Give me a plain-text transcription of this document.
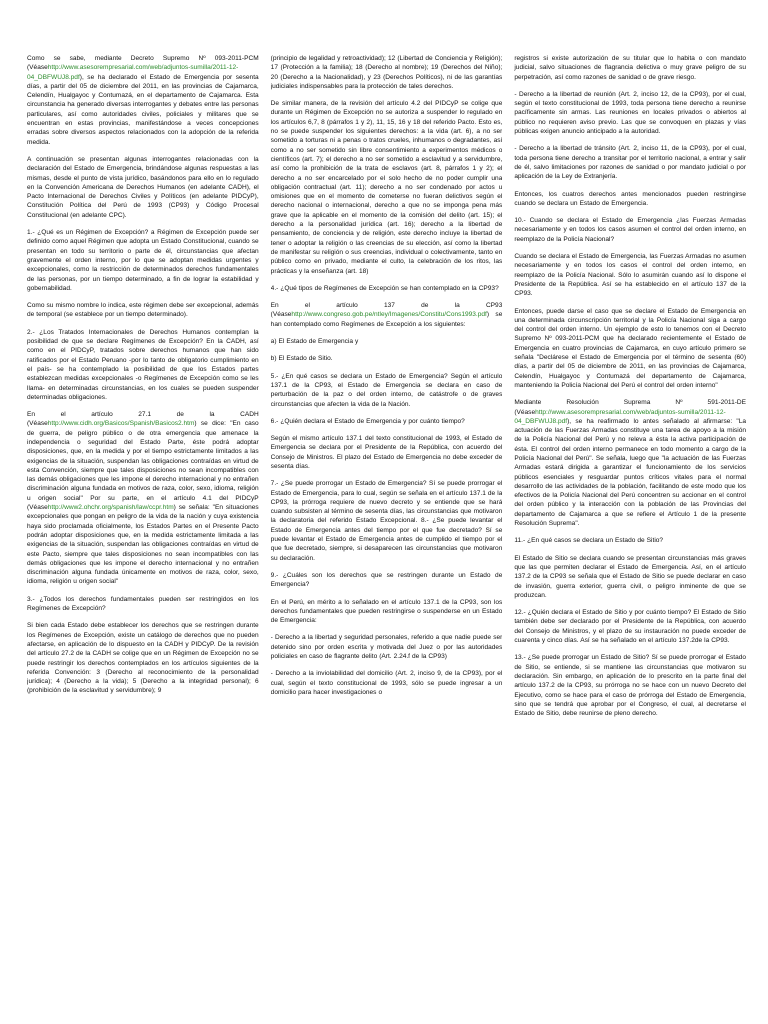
Como se sabe, mediante Decreto Supremo Nº 093-2011-PCM (Véasehttp://www.asesorempresarial.com/web/adjuntos-sumilla/2011-12-04_DBFWUJ8.pdf), se ha declarado el Estado de Emergencia por sesenta días, a partir del 05 de diciembre del 2011, en las provincias de Cajamarca, Celendín, Hualgayoc y Contumazá, en el departamento de Cajamarca. Esta circunstancia ha generado diversas interrogantes y debates entre las personas particulares, así como autoridades civiles, policiales y militares que se encuentran en estas provincias, manifestándose a veces concepciones erradas sobre diversos aspectos relacionados con la adopción de la referida medida.

A continuación se presentan algunas interrogantes relacionadas con la declaración del Estado de Emergencia, brindándose algunas respuestas a las mismas, desde el punto de vista jurídico, basándonos para ello en lo regulado en la Convención Americana de Derechos Humanos (en adelante CADH), el Pacto Internacional de Derechos Civiles y Políticos (en adelante PIDCyP), Constitución Política del Perú de 1993 (CP93) y Código Procesal Constitucional (en adelante CPC).

1.- ¿Qué es un Régimen de Excepción? a Régimen de Excepción puede ser definido como aquel Régimen que adopta un Estado Constitucional, cuando se presentan en todo su territorio o parte de él, circunstancias que afectan gravemente el orden interno, por lo que se adoptan medidas urgentes y excepcionales, como la restricción de determinados derechos fundamentales de las personas, por un tiempo determinado, a fin de lograr la estabilidad y gobernabilidad.

Como su mismo nombre lo indica, este régimen debe ser excepcional, además de temporal (se establece por un tiempo determinado).

2.- ¿Los Tratados Internacionales de Derechos Humanos contemplan la posibilidad de que se declare Regímenes de Excepción? En la CADH, así como en el PIDCyP, tratados sobre derechos humanos que han sido ratificados por el Estado Peruano -por lo tanto de obligatorio cumplimiento en el país- se ha contemplado la posibilidad de que los Estados partes establezcan medidas excepcionales -o Regímenes de Excepción como se les llama- en determinadas circunstancias, en los cuales se pueden suspender determinadas obligaciones.

En el artículo 27.1 de la CADH (Véasehttp://www.cidh.org/Basicos/Spanish/Basicos2.htm) se dice: "En caso de guerra, de peligro público o de otra emergencia que amenace la independencia o seguridad del Estado Parte, éste podrá adoptar disposiciones, que, en la medida y por el tiempo estrictamente limitados a las exigencias de la situación, suspendan las obligaciones contraídas en virtud de esta Convención, siempre que tales disposiciones no sean incompatibles con las demás obligaciones que les impone el derecho internacional y no entrañen discriminación alguna fundada en motivos de raza, color, sexo, idioma, religión u origen social" Por su parte, en el artículo 4.1 del PIDCyP (Véasehttp://www2.ohchr.org/spanish/law/ccpr.htm) se señala: "En situaciones excepcionales que pongan en peligro de la vida de la nación y cuya existencia haya sido proclamada oficialmente, los Estados Partes en el Presente Pacto podrán adoptar disposiciones que, en la medida estrictamente limitada a las exigencias de la situación, suspendan las obligaciones contraídas en virtud de este Pacto, siempre que tales disposiciones no sean incompatibles con las demás obligaciones que les impone el derecho internacional y no entrañen discriminación alguna fundada únicamente en motivos de raza, color, sexo, idioma, religión u origen social"

3.- ¿Todos los derechos fundamentales pueden ser restringidos en los Regímenes de Excepción?

Si bien cada Estado debe establecer los derechos que se restringen durante los Regímenes de Excepción, existe un catálogo de derechos que no pueden afectarse, en aplicación de lo dispuesto en la CADH y PIDCyP. De la revisión del artículo 27.2 de la CADH se colige que en un Régimen de Excepción no se puede restringir los derechos contemplados en los artículos siguientes de la referida Convención: 3 (Derecho al reconocimiento de la personalidad jurídica); 4 (Derecho a la vida); 5 (Derecho a la integridad personal); 6 (prohibición de la esclavitud y servidumbre); 9

(principio de legalidad y retroactividad); 12 (Libertad de Conciencia y Religión); 17 (Protección a la familia); 18 (Derecho al nombre); 19 (Derechos del Niño); 20 (Derecho a la Nacionalidad), y 23 (Derechos Políticos), ni de las garantías judiciales indispensables para la protección de tales derechos.

De similar manera, de la revisión del artículo 4.2 del PIDCyP se colige que durante un Régimen de Excepción no se autoriza a suspender lo regulado en los artículos 6,7, 8 (párrafos 1 y 2), 11, 15, 16 y 18 del referido Pacto. Esto es, no se puede suspender los siguientes derechos: a la vida (art. 6), a no ser sometido a torturas ni a penas o tratos crueles, inhumanos o degradantes, así como a no ser sometido sin libre consentimiento a experimentos médicos o científicos (art. 7); el derecho a no ser sometido a esclavitud y a servidumbre, así como la prohibición de la trata de esclavos (art. 8, párrafos 1 y 2); el derecho a no ser encarcelado por el solo hecho de no poder cumplir una obligación contractual (art. 11); derecho a no ser condenado por actos u omisiones que en el momento de cometerse no fueran delictivos según el derecho nacional o internacional, derecho a que no se imponga pena más grave que la aplicable en el momento de la comisión del delito (art. 15); el derecho a la personalidad jurídica (art. 16); derecho a la libertad de pensamiento, de conciencia y de religión, este derecho incluye la libertad de tener o adoptar la religión o las creencias de su elección, así como la libertad de manifestar su religión o sus creencias, individual o colectivamente, tanto en público como en privado, mediante el culto, la celebración de los ritos, las prácticas y la enseñanza (art. 18)

4.- ¿Qué tipos de Regímenes de Excepción se han contemplado en la CP93?

En el artículo 137 de la CP93 (Véasehttp://www.congreso.gob.pe/ntley/Imagenes/Constitu/Cons1993.pdf) se han contemplado como Regímenes de Excepción a los siguientes:

a) El Estado de Emergencia y

b) El Estado de Sitio.

5.- ¿En qué casos se declara un Estado de Emergencia? Según el artículo 137.1 de la CP93, el Estado de Emergencia se declara en caso de perturbación de la paz o del orden interno, de catástrofe o de graves circunstancias que afecten la vida de la Nación.

6.- ¿Quién declara el Estado de Emergencia y por cuánto tiempo?

Según el mismo artículo 137.1 del texto constitucional de 1993, el Estado de Emergencia se declara por el Presidente de la República, con acuerdo del Consejo de Ministros. El plazo del Estado de Emergencia no debe exceder de sesenta días.

7.- ¿Se puede prorrogar un Estado de Emergencia? Sí se puede prorrogar el Estado de Emergencia, para lo cual, según se señala en el artículo 137.1 de la CP93, la prórroga requiere de nuevo decreto y se entiende que se hará cuando subsisten al término de sesenta días, las circunstancias que motivaron la declaratoria del referido Estado Excepcional. 8.- ¿Se puede levantar el Estado de Emergencia antes del tiempo por el que fue decretado? Sí se puede levantar el Estado de Emergencia antes de cumplido el tiempo por el que fue decretado, siempre, si desaparecen las circunstancias que motivaron su declaración.

9.- ¿Cuáles son los derechos que se restringen durante un Estado de Emergencia?

En el Perú, en mérito a lo señalado en el artículo 137.1 de la CP93, son los derechos fundamentales que pueden restringirse o suspenderse en un Estado de Emergencia:

- Derecho a la libertad y seguridad personales, referido a que nadie puede ser detenido sino por orden escrita y motivada del Juez o por las autoridades policiales en caso de flagrante delito (Art. 2.24.f de la CP93)

- Derecho a la inviolabilidad del domicilio (Art. 2, inciso 9, de la CP93), por el cual, según el texto constitucional de 1993, sólo se puede ingresar a un domicilio para hacer investigaciones o

registros si existe autorización de su titular que lo habita o con mandato judicial, salvo situaciones de flagrancia delictiva o muy grave peligro de su perpetración, así como razones de sanidad o de grave riesgo.

- Derecho a la libertad de reunión (Art. 2, inciso 12, de la CP93), por el cual, según el texto constitucional de 1993, toda persona tiene derecho a reunirse pacíficamente sin armas. Las reuniones en locales privados o abiertos al público no requieren aviso previo. Las que se convoquen en plazas y vías públicas exigen anuncio anticipado a la autoridad.

- Derecho a la libertad de tránsito (Art. 2, inciso 11, de la CP93), por el cual, toda persona tiene derecho a transitar por el territorio nacional, a entrar y salir de él, salvo limitaciones por razones de sanidad o por mandato judicial o por aplicación de la Ley de Extranjería.

Entonces, los cuatros derechos antes mencionados pueden restringirse cuando se declara un Estado de Emergencia.

10.- Cuando se declara el Estado de Emergencia ¿las Fuerzas Armadas necesariamente y en todos los casos asumen el control del orden interno, en reemplazo de la Policía Nacional?

Cuando se declara el Estado de Emergencia, las Fuerzas Armadas no asumen necesariamente y en todos los casos el control del orden interno, en reemplazo de la Policía Nacional. Sólo lo asumirán cuando así lo dispone el Presidente de la República. Así se ha establecido en el artículo 137 de la CP93.

Entonces, puede darse el caso que se declare el Estado de Emergencia en una determinada circunscripción territorial y la Policía Nacional siga a cargo del control del orden interno. Un ejemplo de esto lo tenemos con el Decreto Supremo Nº 093-2011-PCM que ha declarado recientemente el Estado de Emergencia en cuatro provincias de Cajamarca, en cuyo artículo primero se señala "Declárese el Estado de Emergencia por el término de sesenta (60) días, a partir del 05 de diciembre de 2011, en las provincias de Cajamarca, Celendín, Hualgayoc y Contumazá del departamento de Cajamarca, manteniendo la Policía Nacional del Perú el control del orden interno"

Mediante Resolución Suprema Nº 591-2011-DE (Véasehttp://www.asesorempresarial.com/web/adjuntos-sumilla/2011-12-04_DBFWUJ8.pdf), se ha reafirmado lo antes señalado al afirmarse: "La actuación de las Fuerzas Armadas constituye una tarea de apoyo a la misión de la Policía Nacional del Perú y no releva a ésta la activa participación de ésta. El control del orden interno permanece en todo momento a cargo de la Policía Nacional del Perú". Se señala, luego que "la actuación de las Fuerzas Armadas estará dirigida a garantizar el funcionamiento de los servicios públicos esenciales y resguardar puntos críticos vitales para el normal desarrollo de las actividades de la población, facilitando de este modo que los efectivos de la Policía Nacional del Perú concentren su accionar en el control del orden público y la interacción con la población de las Provincias del departamento de Cajamarca a que se refiere el Artículo 1 de la presente Resolución Suprema".

11.- ¿En qué casos se declara un Estado de Sitio?

El Estado de Sitio se declara cuando se presentan circunstancias más graves que las que permiten declarar el Estado de Emergencia. Así, en el artículo 137.2 de la CP93 se señala que el Estado de Sitio se puede declarar en caso de invasión, guerra exterior, guerra civil, o peligro inminente de que se produzcan.

12.- ¿Quién declara el Estado de Sitio y por cuánto tiempo? El Estado de Sitio también debe ser declarado por el Presidente de la República, con acuerdo del Consejo de Ministros, y el plazo de su instauración no puede exceder de cuarenta y cinco días. Así se ha señalado en el artículo 137.2de la CP93.

13.- ¿Se puede prorrogar un Estado de Sitio? Sí se puede prorrogar el Estado de Sitio, se entiende, si se mantiene las circunstancias que motivaron su declaración. Sin embargo, en aplicación de lo prescrito en la parte final del artículo 137.2 de la CP93, su prórroga no se hace con un nuevo Decreto del Ejecutivo, como se hace para el caso de prórroga del Estado de Emergencia, sino que se tendrá que aprobar por el Congreso, el cual, al decretarse el Estado de Sitio, debe reunirse de pleno derecho.
